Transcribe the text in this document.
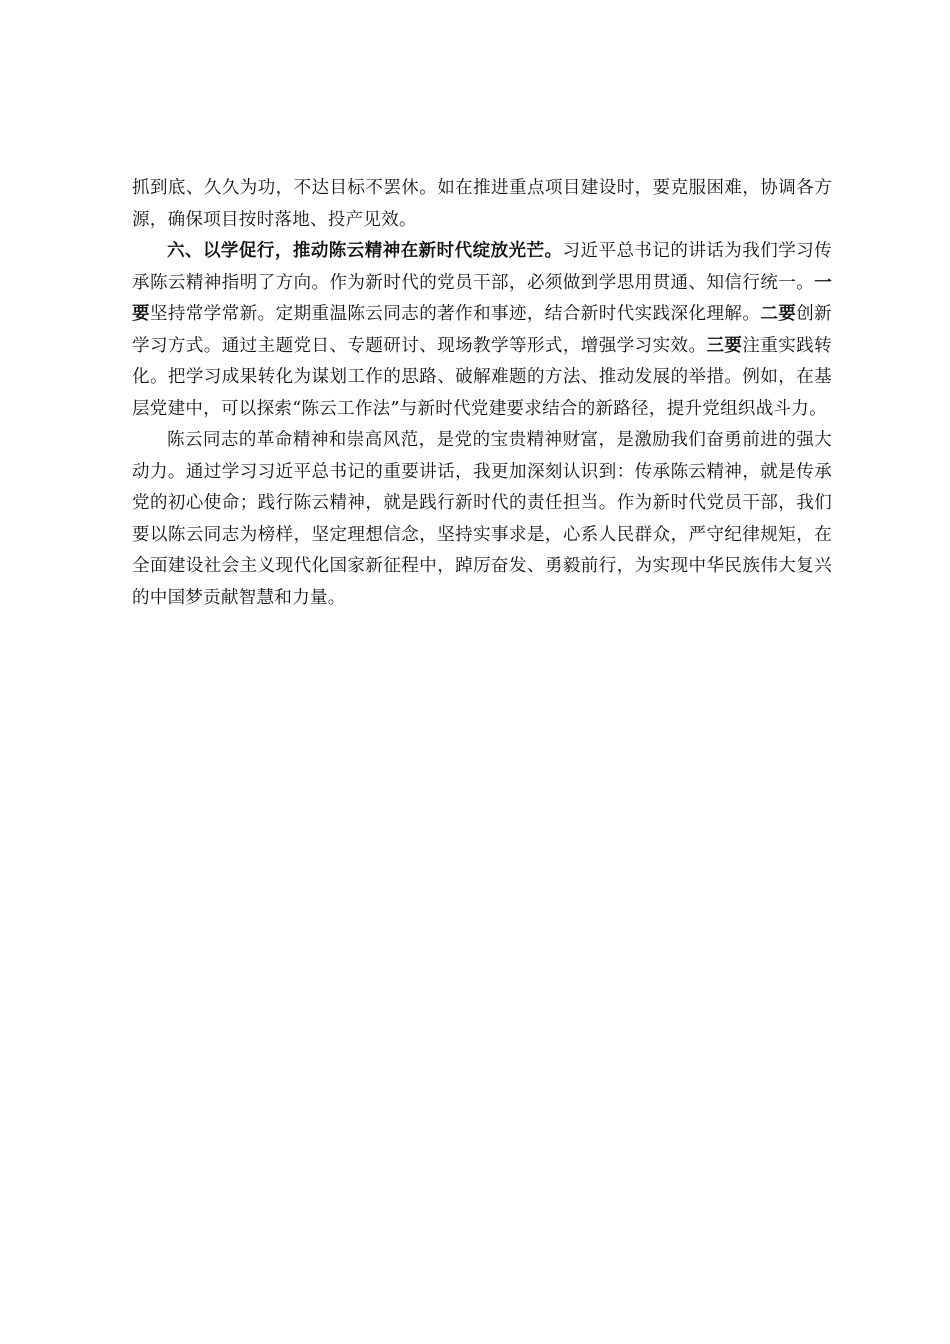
抓到底、久久为功，不达目标不罢休。如在推进重点项目建设时，要克服困难，协调各方源，确保项目按时落地、投产见效。

六、以学促行，推动陈云精神在新时代绽放光芒。习近平总书记的讲话为我们学习传承陈云精神指明了方向。作为新时代的党员干部，必须做到学思用贯通、知信行统一。一要坚持常学常新。定期重温陈云同志的著作和事迹，结合新时代实践深化理解。二要创新学习方式。通过主题党日、专题研讨、现场教学等形式，增强学习实效。三要注重实践转化。把学习成果转化为谋划工作的思路、破解难题的方法、推动发展的举措。例如，在基层党建中，可以探索“陈云工作法”与新时代党建要求结合的新路径，提升党组织战斗力。

陈云同志的革命精神和崇高风范，是党的宝贵精神财富，是激励我们奋勇前进的强大动力。通过学习习近平总书记的重要讲话，我更加深刻认识到：传承陈云精神，就是传承党的初心使命；践行陈云精神，就是践行新时代的责任担当。作为新时代党员干部，我们要以陈云同志为榜样，坚定理想信念，坚持实事求是，心系人民群众，严守纪律规矩，在全面建设社会主义现代化国家新征程中，踔厉奋发、勇毅前行，为实现中华民族伟大复兴的中国梦贡献智慧和力量。
